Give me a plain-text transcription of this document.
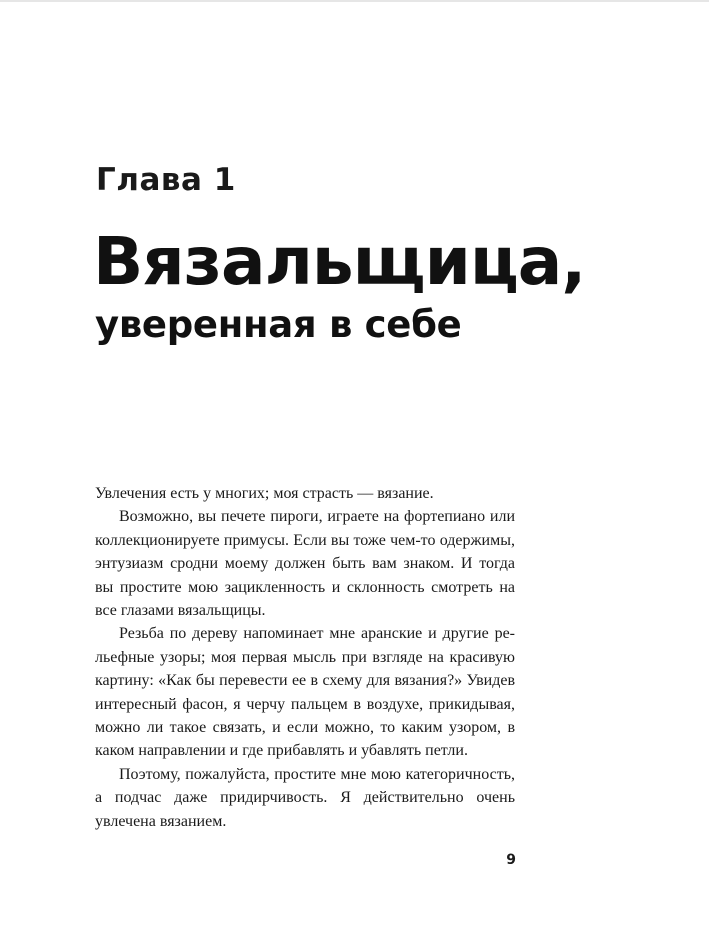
Глава 1
Вязальщица,
уверенная в себе

Увлечения есть у многих; моя страсть — вязание.

Возможно, вы печете пироги, играете на фортепиано или коллекционируете примусы. Если вы тоже чем-то одержимы, энтузиазм сродни моему должен быть вам знаком. И тогда вы простите мою зацикленность и склонность смотреть на все глазами вязальщицы.

Резьба по дереву напоминает мне аранские и другие рельефные узоры; моя первая мысль при взгляде на красивую картину: «Как бы перевести ее в схему для вязания?» Увидев интересный фасон, я черчу пальцем в воздухе, прикидывая, можно ли такое связать, и если можно, то каким узором, в каком направлении и где прибавлять и убавлять петли.

Поэтому, пожалуйста, простите мне мою категоричность, а подчас даже придирчивость. Я действительно очень увлечена вязанием.

9
